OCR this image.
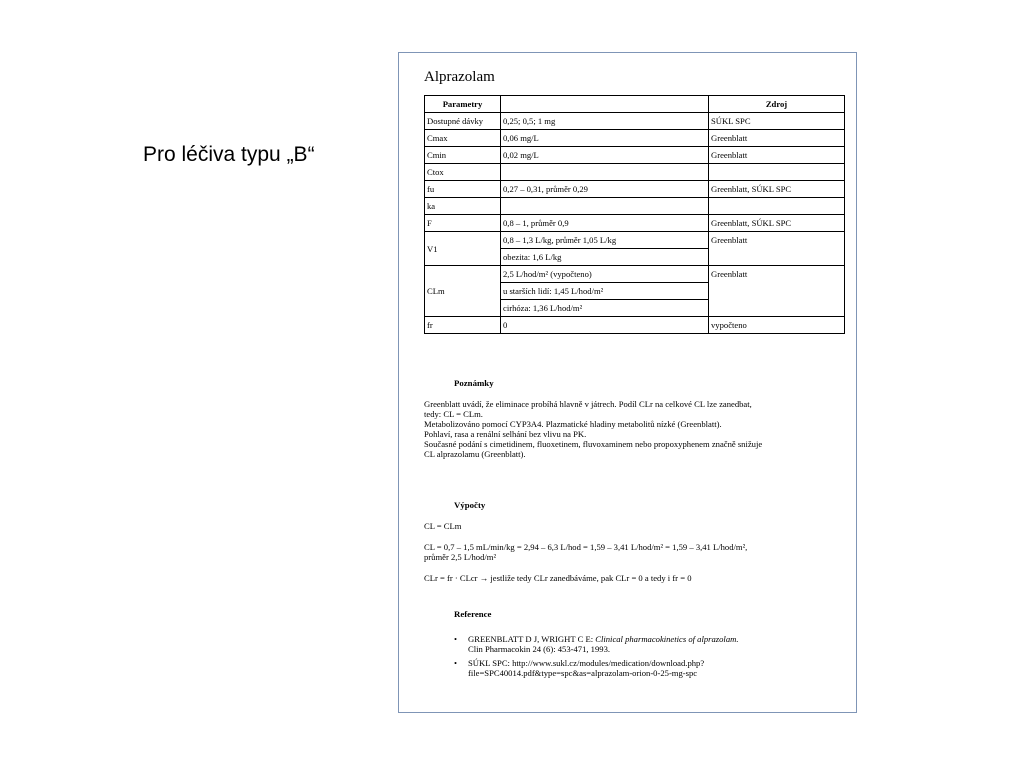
Pro léčiva typu „B“
Alprazolam
Parametry		Zdroj
Dostupné dávky	0,25; 0,5; 1 mg	SÚKL SPC
Cmax	0,06 mg/L	Greenblatt
Cmin	0,02 mg/L	Greenblatt
Ctox		
fu	0,27 – 0,31, průměr 0,29	Greenblatt, SÚKL SPC
ka		
F	0,8 – 1, průměr 0,9	Greenblatt, SÚKL SPC
V1	0,8 – 1,3 L/kg, průměr 1,05 L/kg	Greenblatt
	obezita: 1,6 L/kg	
CLm	2,5 L/hod/m² (vypočteno)	Greenblatt
	u starších lidí: 1,45 L/hod/m²	
	cirhóza: 1,36 L/hod/m²	
fr	0	vypočteno
Poznámky

Greenblatt uvádí, že eliminace probíhá hlavně v játrech. Podíl CLr na celkové CL lze zanedbat,

tedy: CL = CLm.

Metabolizováno pomocí CYP3A4. Plazmatické hladiny metabolitů nízké (Greenblatt).

Pohlaví, rasa a renální selhání bez vlivu na PK.

Současné podání s cimetidinem, fluoxetinem, fluvoxaminem nebo propoxyphenem značně snižuje

CL alprazolamu (Greenblatt).

Výpočty

CL = CLm

CL = 0,7 – 1,5 mL/min/kg = 2,94 – 6,3 L/hod = 1,59 – 3,41 L/hod/m² = 1,59 – 3,41 L/hod/m²,

průměr 2,5 L/hod/m²

CLr = fr · CLcr → jestliže tedy CLr zanedbáváme, pak CLr = 0 a tedy i fr = 0

Reference
• GREENBLATT D J, WRIGHT C E: Clinical pharmacokinetics of alprazolam.
Clin Pharmacokin 24 (6): 453-471, 1993.
• SÚKL SPC: http://www.sukl.cz/modules/medication/download.php?
file=SPC40014.pdf&type=spc&as=alprazolam-orion-0-25-mg-spc
